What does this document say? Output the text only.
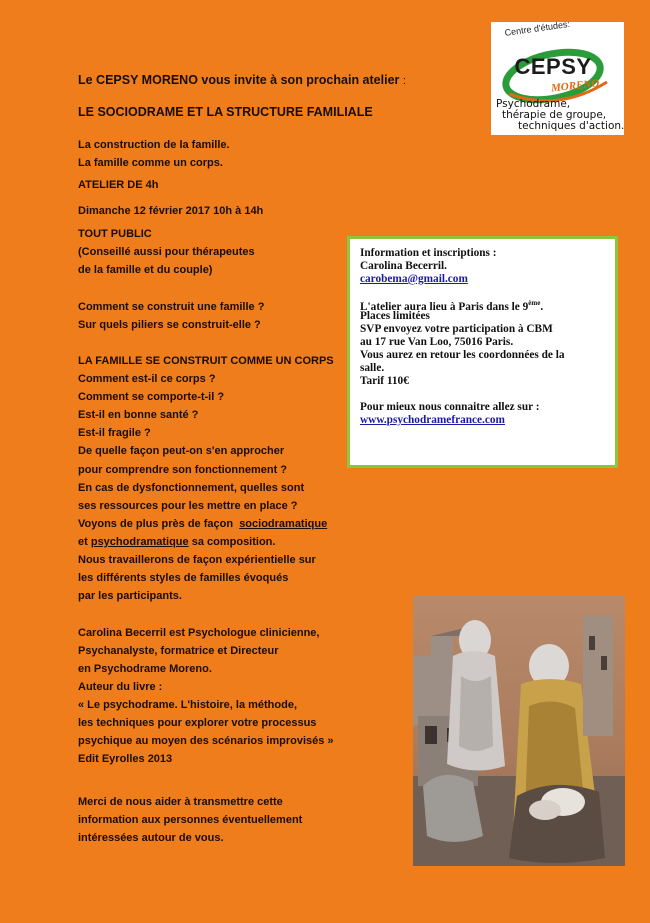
Le CEPSY MORENO vous invite à son prochain atelier :
LE SOCIODRAME ET LA STRUCTURE FAMILIALE
Centre d'études:
CEPSY
MORENO
Psychodrame,
thérapie de groupe,
techniques d'action.
La construction de la famille.
La famille comme un corps.
ATELIER DE 4h
Dimanche 12 février 2017 10h à 14h
TOUT PUBLIC
(Conseillé aussi pour thérapeutes
de la famille et du couple)
Comment se construit une famille ?
Sur quels piliers se construit-elle ?
LA FAMILLE SE CONSTRUIT COMME UN CORPS
Comment est-il ce corps ?
Comment se comporte-t-il ?
Est-il en bonne santé ?
Est-il fragile ?
De quelle façon peut-on s'en approcher
pour comprendre son fonctionnement ?
En cas de dysfonctionnement, quelles sont
ses ressources pour les mettre en place ?
Voyons de plus près de façon sociodramatique
et psychodramatique sa composition.
Nous travaillerons de façon expérientielle sur
les différents styles de familles évoqués
par les participants.
Carolina Becerril est Psychologue clinicienne,
Psychanalyste, formatrice et Directeur
en Psychodrame Moreno.
Auteur du livre :
« Le psychodrame. L'histoire, la méthode,
les techniques pour explorer votre processus
psychique au moyen des scénarios improvisés »
Edit Eyrolles 2013
Merci de nous aider à transmettre cette
information aux personnes éventuellement
intéressées autour de vous.
Information et inscriptions :
Carolina Becerril.
carobema@gmail.com
L'atelier aura lieu à Paris dans le 9ème.
Places limitées
SVP envoyez votre participation à CBM
au 17 rue Van Loo, 75016 Paris.
Vous aurez en retour les coordonnées de la
salle.
Tarif 110€
Pour mieux nous connaitre allez sur :
www.psychodramefrance.com
